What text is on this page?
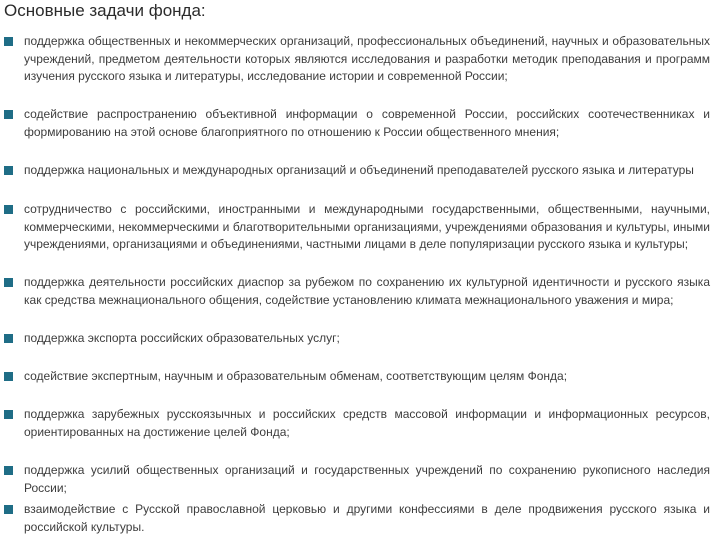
Основные задачи фонда:
поддержка общественных и некоммерческих организаций, профессиональных объединений, научных и образовательных учреждений, предметом деятельности которых являются исследования и разработки методик преподавания и программ изучения русского языка и литературы, исследование истории и современной России;
содействие распространению объективной информации о современной России, российских соотечественниках и формированию на этой основе благоприятного по отношению к России общественного мнения;
поддержка национальных и международных организаций и объединений преподавателей русского языка и литературы
сотрудничество с российскими, иностранными и международными государственными, общественными, научными, коммерческими, некоммерческими и благотворительными организациями, учреждениями образования и культуры, иными учреждениями, организациями и объединениями, частными лицами в деле популяризации русского языка и культуры;
поддержка деятельности российских диаспор за рубежом по сохранению их культурной идентичности и русского языка как средства межнационального общения, содействие установлению климата межнационального уважения и мира;
поддержка экспорта российских образовательных услуг;
содействие экспертным, научным и образовательным обменам, соответствующим целям Фонда;
поддержка зарубежных русскоязычных и российских средств массовой информации и информационных ресурсов, ориентированных на достижение целей Фонда;
поддержка усилий общественных организаций и государственных учреждений по сохранению рукописного наследия России;
взаимодействие с Русской православной церковью и другими конфессиями в деле продвижения русского языка и российской культуры.
